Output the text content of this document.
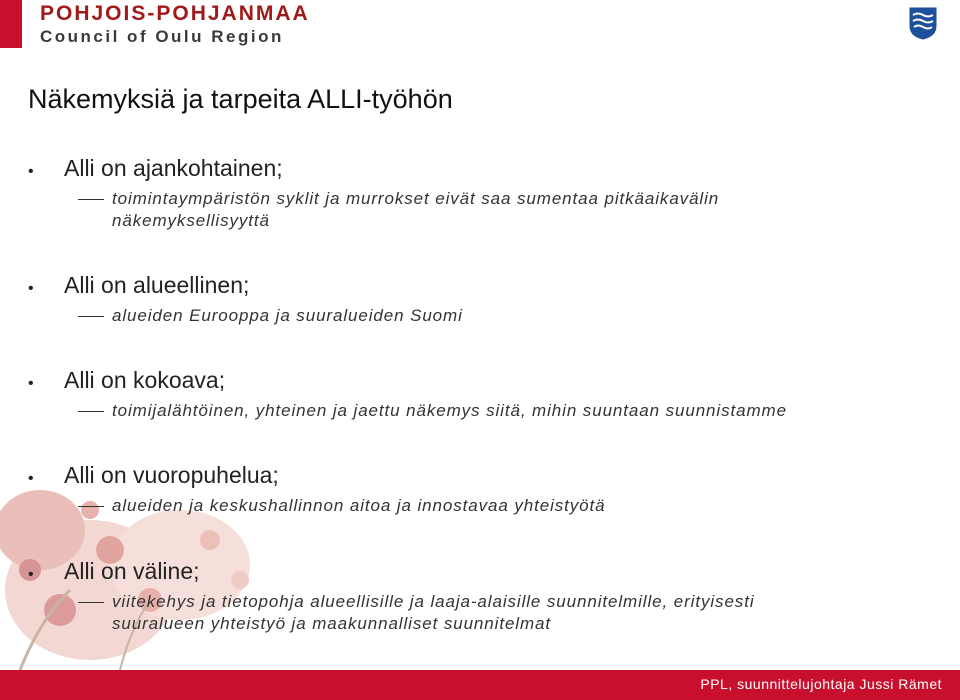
POHJOIS-POHJANMAA
Council of Oulu Region
Näkemyksiä ja tarpeita ALLI-työhön
•	Alli on ajankohtainen;
toimintaympäristön syklit ja murrokset eivät saa sumentaa pitkäaikavälin näkemyksellisyyttä
•	Alli on alueellinen;
alueiden Eurooppa ja suuralueiden Suomi
•	Alli on kokoava;
toimijalähtöinen, yhteinen ja jaettu näkemys siitä, mihin suuntaan suunnistamme
•	Alli on vuoropuhelua;
alueiden ja keskushallinnon aitoa ja innostavaa yhteistyötä
•	Alli on väline;
viitekehys ja tietopohja alueellisille ja laaja-alaisille suunnitelmille, erityisesti suuralueen yhteistyö ja maakunnalliset suunnitelmat
PPL, suunnittelujohtaja Jussi Rämet
